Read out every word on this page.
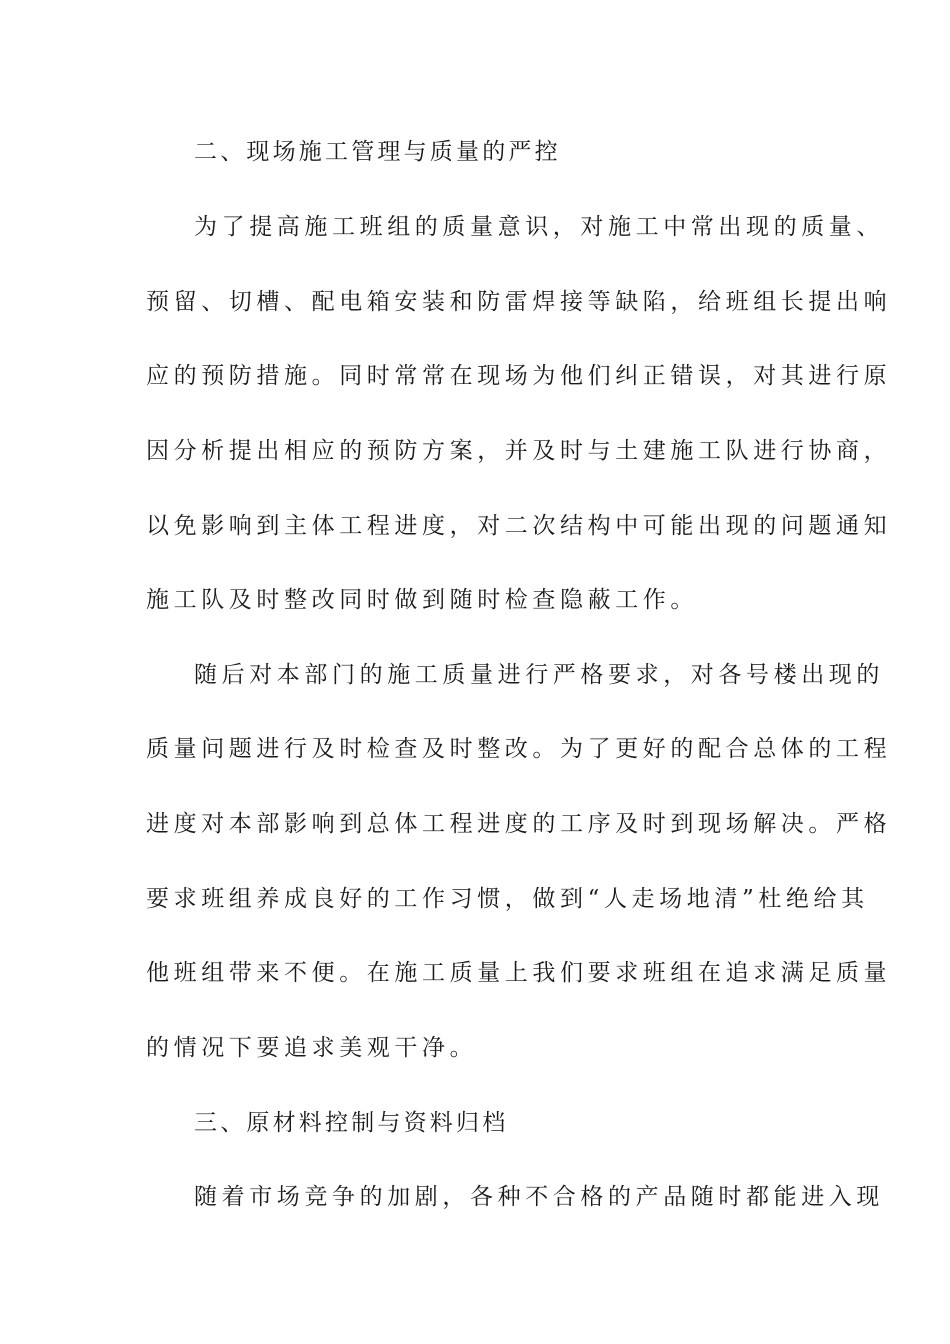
二、现场施工管理与质量的严控
为了提高施工班组的质量意识，对施工中常出现的质量、
预留、切槽、配电箱安装和防雷焊接等缺陷，给班组长提出响
应的预防措施。同时常常在现场为他们纠正错误，对其进行原
因分析提出相应的预防方案，并及时与土建施工队进行协商，
以免影响到主体工程进度，对二次结构中可能出现的问题通知
施工队及时整改同时做到随时检查隐蔽工作。
随后对本部门的施工质量进行严格要求，对各号楼出现的
质量问题进行及时检查及时整改。为了更好的配合总体的工程
进度对本部影响到总体工程进度的工序及时到现场解决。严格
要求班组养成良好的工作习惯，做到“人走场地清”杜绝给其
他班组带来不便。在施工质量上我们要求班组在追求满足质量
的情况下要追求美观干净。
三、原材料控制与资料归档
随着市场竞争的加剧，各种不合格的产品随时都能进入现
